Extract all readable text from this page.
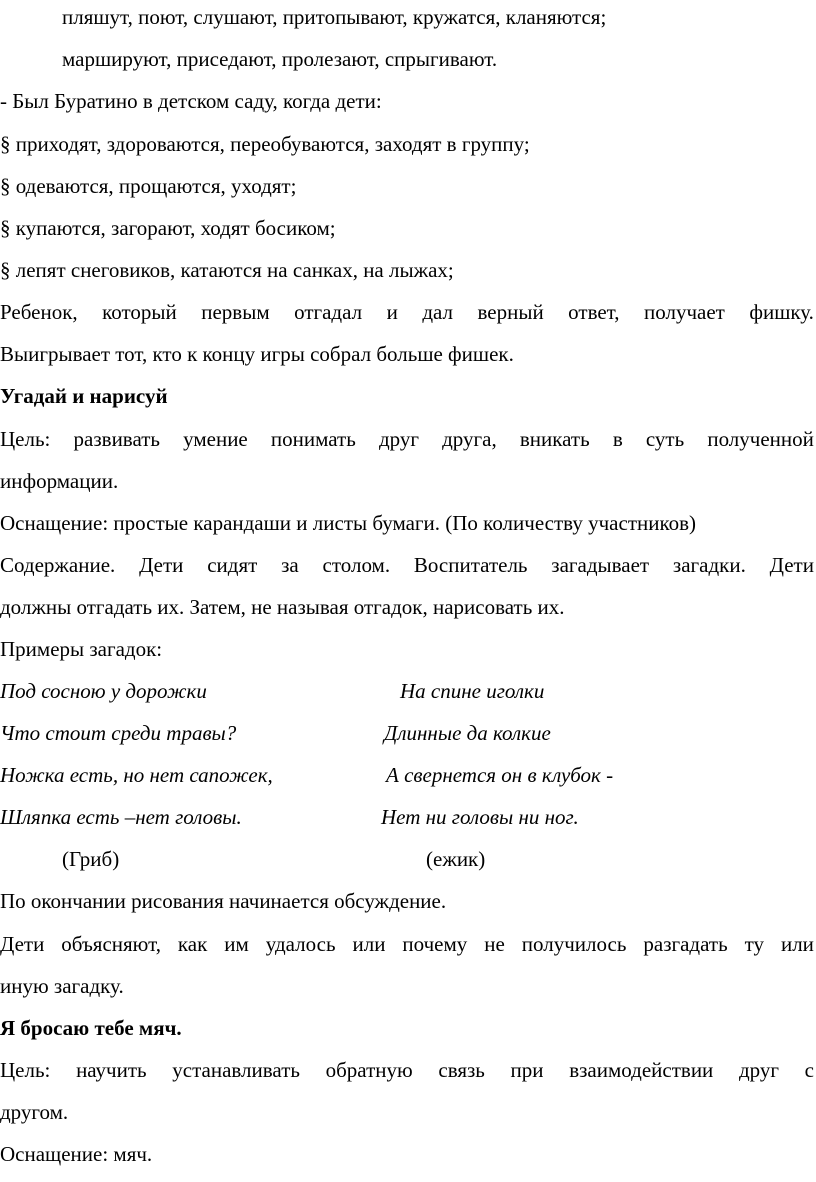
пляшут, поют, слушают, притопывают, кружатся, кланяются;
маршируют, приседают, пролезают, спрыгивают.
- Был Буратино в детском саду, когда дети:
§ приходят, здороваются, переобуваются, заходят в группу;
§ одеваются, прощаются, уходят;
§ купаются, загорают, ходят босиком;
§ лепят снеговиков, катаются на санках, на лыжах;
Ребенок, который первым отгадал и дал верный ответ, получает фишку.
Выигрывает тот, кто к концу игры собрал больше фишек.
Угадай и нарисуй
Цель: развивать умение понимать друг друга, вникать в суть полученной
информации.
Оснащение: простые карандаши и листы бумаги. (По количеству участников)
Содержание. Дети сидят за столом. Воспитатель загадывает загадки. Дети
должны отгадать их. Затем, не называя отгадок, нарисовать их.
Примеры загадок:
Под сосною у дорожки	На спине иголки
Что стоит среди травы?	Длинные да колкие
Ножка есть, но нет сапожек,	А свернется он в клубок -
Шляпка есть –нет головы.	Нет ни головы ни ног.
(Гриб)	(ежик)
По окончании рисования начинается обсуждение.
Дети объясняют, как им удалось или почему не получилось разгадать ту или
иную загадку.
Я бросаю тебе мяч.
Цель: научить устанавливать обратную связь при взаимодействии друг с
другом.
Оснащение: мяч.
